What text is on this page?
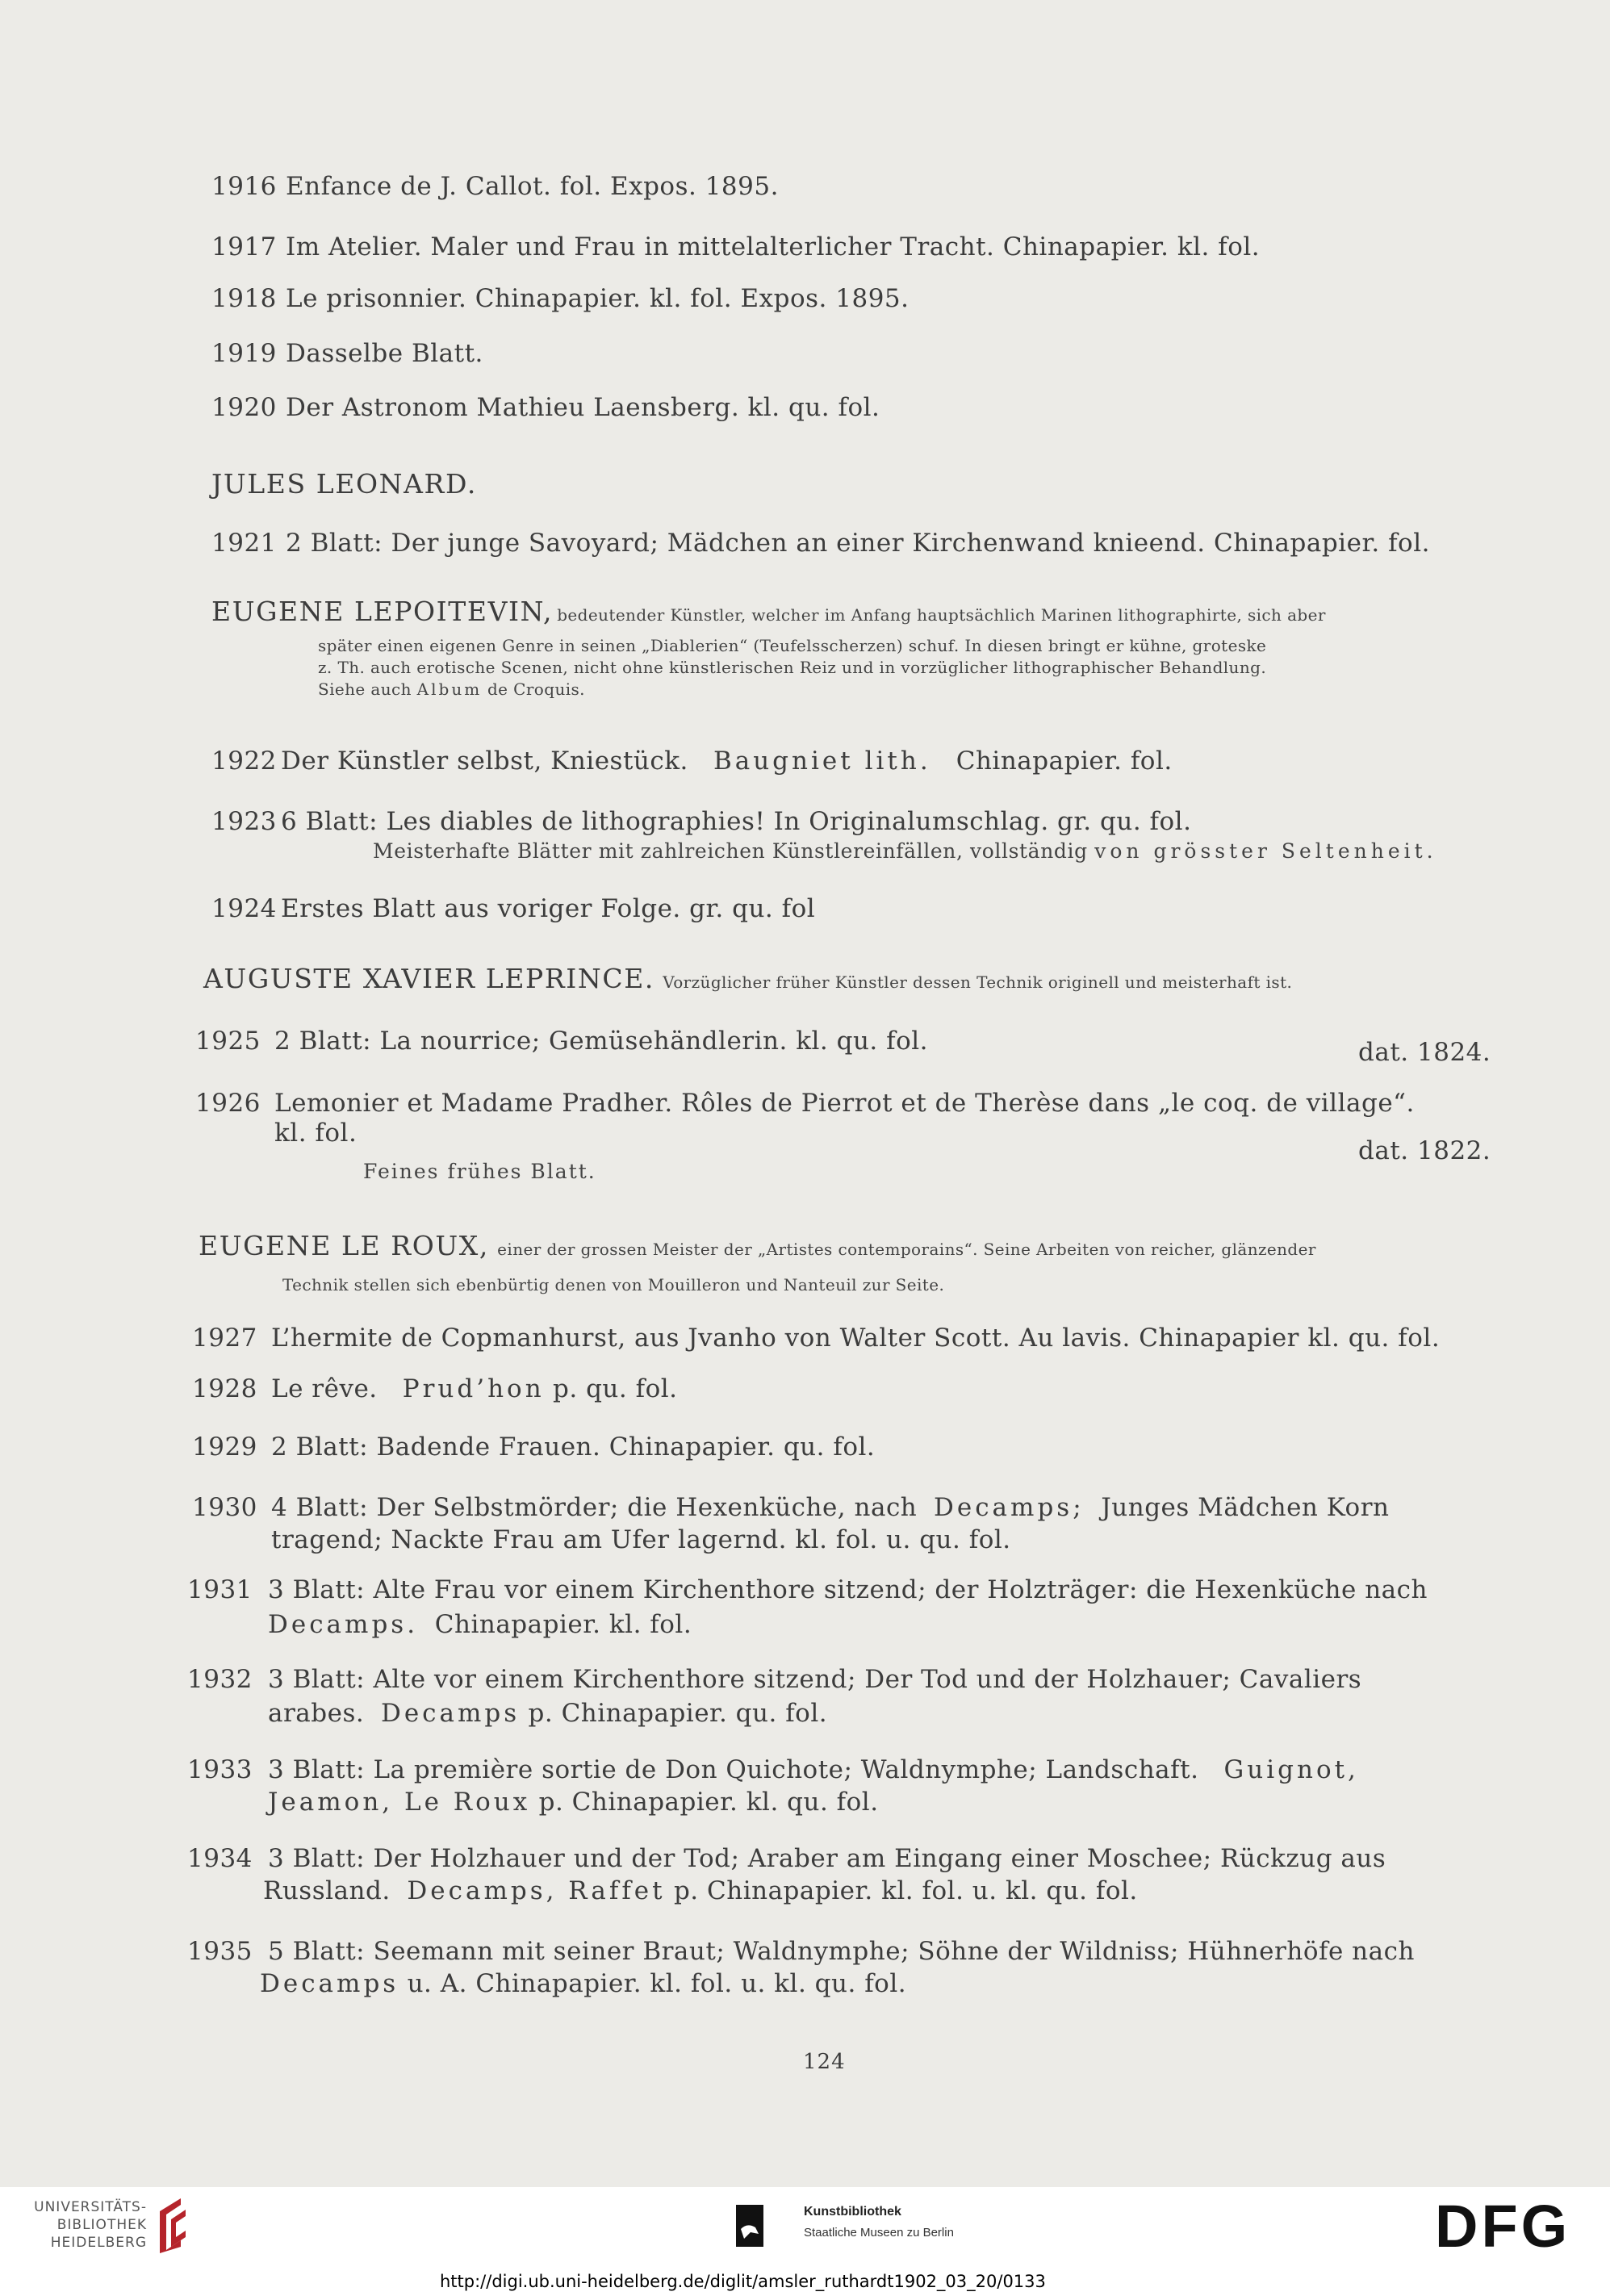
1916 Enfance de J. Callot. fol. Expos. 1895.
1917 Im Atelier. Maler und Frau in mittelalterlicher Tracht. Chinapapier. kl. fol.
1918 Le prisonnier. Chinapapier. kl. fol. Expos. 1895.
1919 Dasselbe Blatt.
1920 Der Astronom Mathieu Laensberg. kl. qu. fol.
JULES LEONARD.
1921 2 Blatt: Der junge Savoyard; Mädchen an einer Kirchenwand knieend. Chinapapier. fol.
EUGENE LEPOITEVIN, bedeutender Künstler, welcher im Anfang hauptsächlich Marinen lithographirte, sich aber
später einen eigenen Genre in seinen „Diablerien“ (Teufelsscherzen) schuf. In diesen bringt er kühne, groteske
z. Th. auch erotische Scenen, nicht ohne künstlerischen Reiz und in vorzüglicher lithographischer Behandlung.
Siehe auch Album de Croquis.
1922 Der Künstler selbst, Kniestück. Baugniet lith. Chinapapier. fol.
1923 6 Blatt: Les diables de lithographies! In Originalumschlag. gr. qu. fol.
Meisterhafte Blätter mit zahlreichen Künstlereinfällen, vollständig von grösster Seltenheit.
1924 Erstes Blatt aus voriger Folge. gr. qu. fol
AUGUSTE XAVIER LEPRINCE. Vorzüglicher früher Künstler dessen Technik originell und meisterhaft ist.
1925 2 Blatt: La nourrice; Gemüsehändlerin. kl. qu. fol.	dat. 1824.
1926 Lemonier et Madame Pradher. Rôles de Pierrot et de Therèse dans „le coq. de village“.
kl. fol.
dat. 1822.
Feines frühes Blatt.
EUGENE LE ROUX, einer der grossen Meister der „Artistes contemporains“. Seine Arbeiten von reicher, glänzender
Technik stellen sich ebenbürtig denen von Mouilleron und Nanteuil zur Seite.
1927 L’hermite de Copmanhurst, aus Jvanho von Walter Scott. Au lavis. Chinapapier kl. qu. fol.
1928 Le rêve. Prud’hon p. qu. fol.
1929 2 Blatt: Badende Frauen. Chinapapier. qu. fol.
1930 4 Blatt: Der Selbstmörder; die Hexenküche, nach Decamps; Junges Mädchen Korn
tragend; Nackte Frau am Ufer lagernd. kl. fol. u. qu. fol.
1931 3 Blatt: Alte Frau vor einem Kirchenthore sitzend; der Holzträger: die Hexenküche nach
Decamps. Chinapapier. kl. fol.
1932 3 Blatt: Alte vor einem Kirchenthore sitzend; Der Tod und der Holzhauer; Cavaliers
arabes. Decamps p. Chinapapier. qu. fol.
1933 3 Blatt: La première sortie de Don Quichote; Waldnymphe; Landschaft. Guignot,
Jeamon, Le Roux p. Chinapapier. kl. qu. fol.
1934 3 Blatt: Der Holzhauer und der Tod; Araber am Eingang einer Moschee; Rückzug aus
Russland. Decamps, Raffet p. Chinapapier. kl. fol. u. kl. qu. fol.
1935 5 Blatt: Seemann mit seiner Braut; Waldnymphe; Söhne der Wildniss; Hühnerhöfe nach
Decamps u. A. Chinapapier. kl. fol. u. kl. qu. fol.
124
UNIVERSITÄTS-
BIBLIOTHEK
HEIDELBERG
Kunstbibliothek
Staatliche Museen zu Berlin	DFG
http://digi.ub.uni-heidelberg.de/diglit/amsler_ruthardt1902_03_20/0133
